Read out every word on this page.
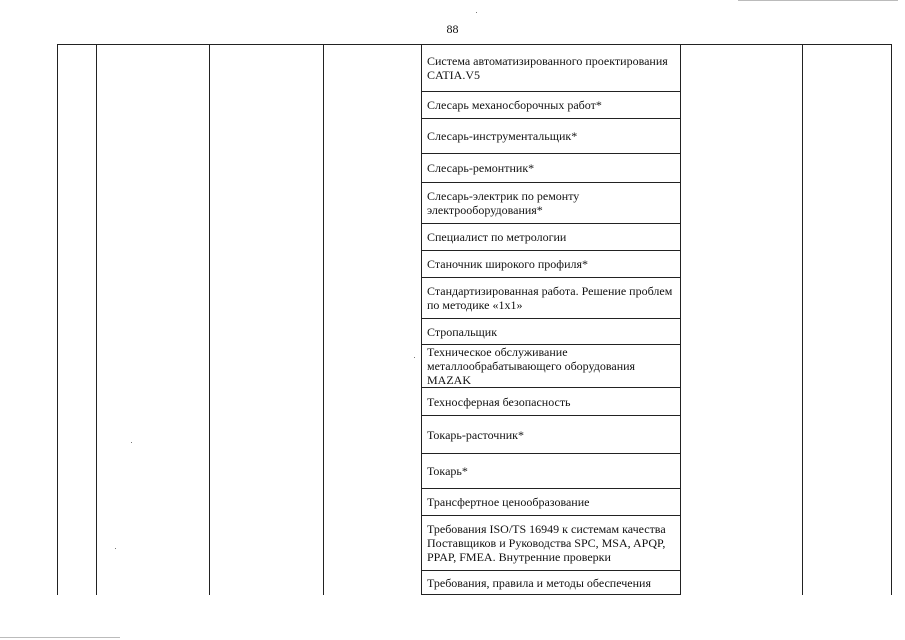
88
				Система автоматизированного проектирования CATIA.V5		
Слесарь механосборочных работ*
Слесарь-инструментальщик*
Слесарь-ремонтник*
Слесарь-электрик по ремонту электрооборудования*
Специалист по метрологии
Станочник широкого профиля*
Стандартизированная работа. Решение проблем по методике «1x1»
Стропальщик
Техническое обслуживание металлообрабатывающего оборудования MAZAK
Техносферная безопасность
Токарь-расточник*
Токарь*
Трансфертное ценообразование
Требования ISO/TS 16949 к системам качества Поставщиков и Руководства SPC, MSA, APQP, PPAP, FMEA. Внутренние проверки
Требования, правила и методы обеспечения
